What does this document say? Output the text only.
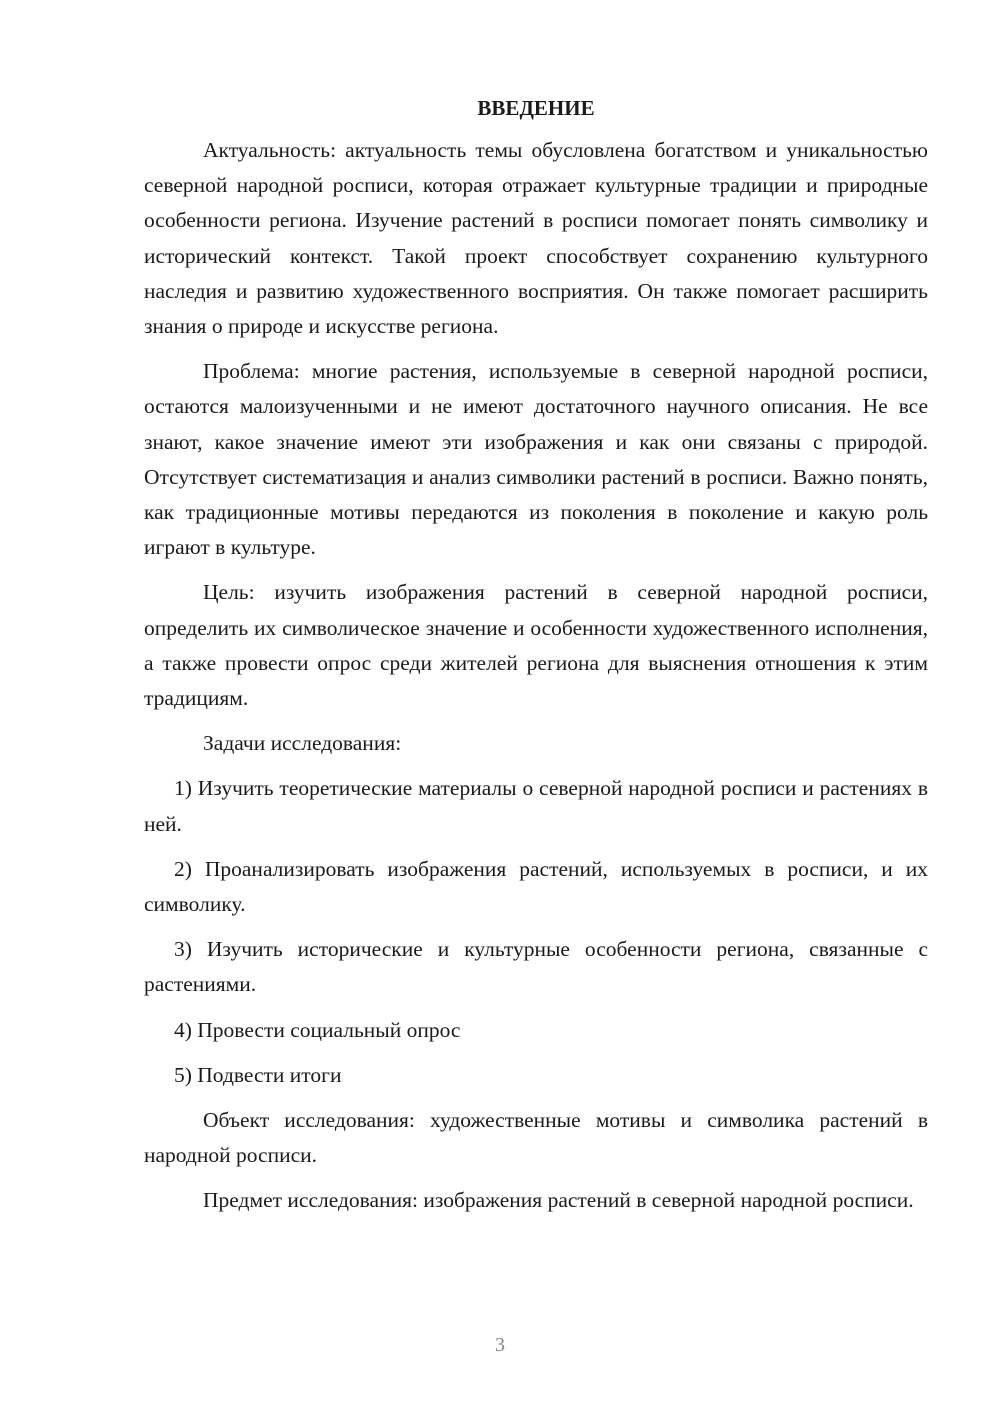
ВВЕДЕНИЕ

Актуальность: актуальность темы обусловлена богатством и уникальностью северной народной росписи, которая отражает культурные традиции и природные особенности региона. Изучение растений в росписи помогает понять символику и исторический контекст. Такой проект способствует сохранению культурного наследия и развитию художественного восприятия. Он также помогает расширить знания о природе и искусстве региона.

Проблема: многие растения, используемые в северной народной росписи, остаются малоизученными и не имеют достаточного научного описания. Не все знают, какое значение имеют эти изображения и как они связаны с природой. Отсутствует систематизация и анализ символики растений в росписи. Важно понять, как традиционные мотивы передаются из поколения в поколение и какую роль играют в культуре.

Цель: изучить изображения растений в северной народной росписи, определить их символическое значение и особенности художественного исполнения, а также провести опрос среди жителей региона для выяснения отношения к этим традициям.

Задачи исследования:

1) Изучить теоретические материалы о северной народной росписи и растениях в ней.

2) Проанализировать изображения растений, используемых в росписи, и их символику.

3) Изучить исторические и культурные особенности региона, связанные с растениями.

4) Провести социальный опрос

5) Подвести итоги

Объект исследования: художественные мотивы и символика растений в народной росписи.

Предмет исследования: изображения растений в северной народной росписи.

3
